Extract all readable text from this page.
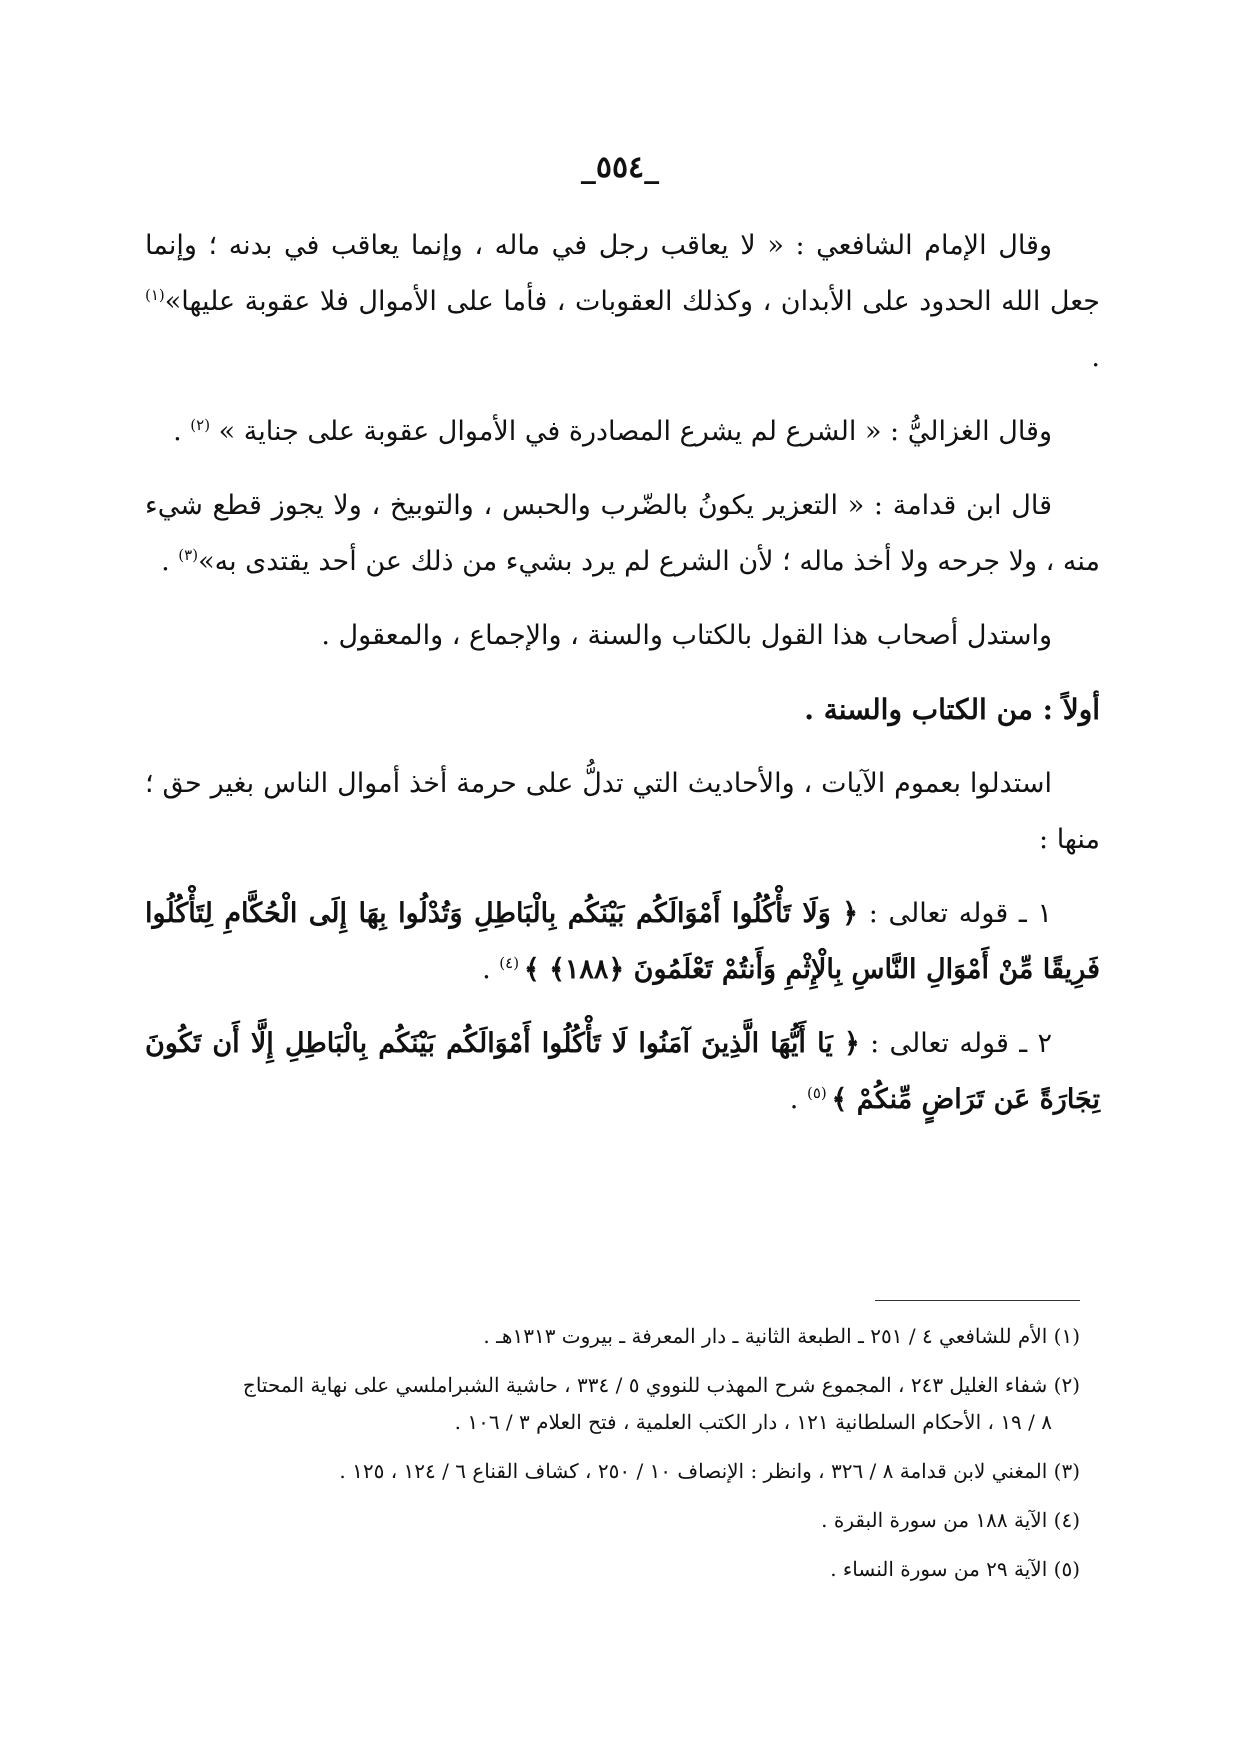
_٥٥٤_

وقال الإمام الشافعي : « لا يعاقب رجل في ماله ، وإنما يعاقب في بدنه ؛ وإنما جعل الله الحدود على الأبدان ، وكذلك العقوبات ، فأما على الأموال فلا عقوبة عليها»$^{(١)}$ .

وقال الغزاليُّ : « الشرع لم يشرع المصادرة في الأموال عقوبة على جناية » $^{(٢)}$ .

قال ابن قدامة : « التعزير يكونُ بالضّرب والحبس ، والتوبيخ ، ولا يجوز قطع شيء منه ، ولا جرحه ولا أخذ ماله ؛ لأن الشرع لم يرد بشيء من ذلك عن أحد يقتدى به»$^{(٣)}$ .

واستدل أصحاب هذا القول بالكتاب والسنة ، والإجماع ، والمعقول .

أولاً : من الكتاب والسنة .

استدلوا بعموم الآيات ، والأحاديث التي تدلُّ على حرمة أخذ أموال الناس بغير حق ؛ منها :

١ ـ قوله تعالى : ﴿ وَلَا تَأْكُلُوا أَمْوَالَكُم بَيْنَكُم بِالْبَاطِلِ وَتُدْلُوا بِهَا إِلَى الْحُكَّامِ لِتَأْكُلُوا فَرِيقًا مِّنْ أَمْوَالِ النَّاسِ بِالْإِثْمِ وَأَنتُمْ تَعْلَمُونَ ﴿١٨٨﴾ ﴾ $^{(٤)}$ .

٢ ـ قوله تعالى : ﴿ يَا أَيُّهَا الَّذِينَ آمَنُوا لَا تَأْكُلُوا أَمْوَالَكُم بَيْنَكُم بِالْبَاطِلِ إِلَّا أَن تَكُونَ تِجَارَةً عَن تَرَاضٍ مِّنكُمْ ﴾ $^{(٥)}$ .

(١) الأم للشافعي ٤ / ٢٥١ ـ الطبعة الثانية ـ دار المعرفة ـ بيروت ١٣١٣هـ .
(٢) شفاء الغليل ٢٤٣ ، المجموع شرح المهذب للنووي ٥ / ٣٣٤ ، حاشية الشبراملسي على نهاية المحتاج
٨ / ١٩ ، الأحكام السلطانية ١٢١ ، دار الكتب العلمية ، فتح العلام ٣ / ١٠٦ .
(٣) المغني لابن قدامة ٨ / ٣٢٦ ، وانظر : الإنصاف ١٠ / ٢٥٠ ، كشاف القناع ٦ / ١٢٤ ، ١٢٥ .
(٤) الآية ١٨٨ من سورة البقرة .
(٥) الآية ٢٩ من سورة النساء .
